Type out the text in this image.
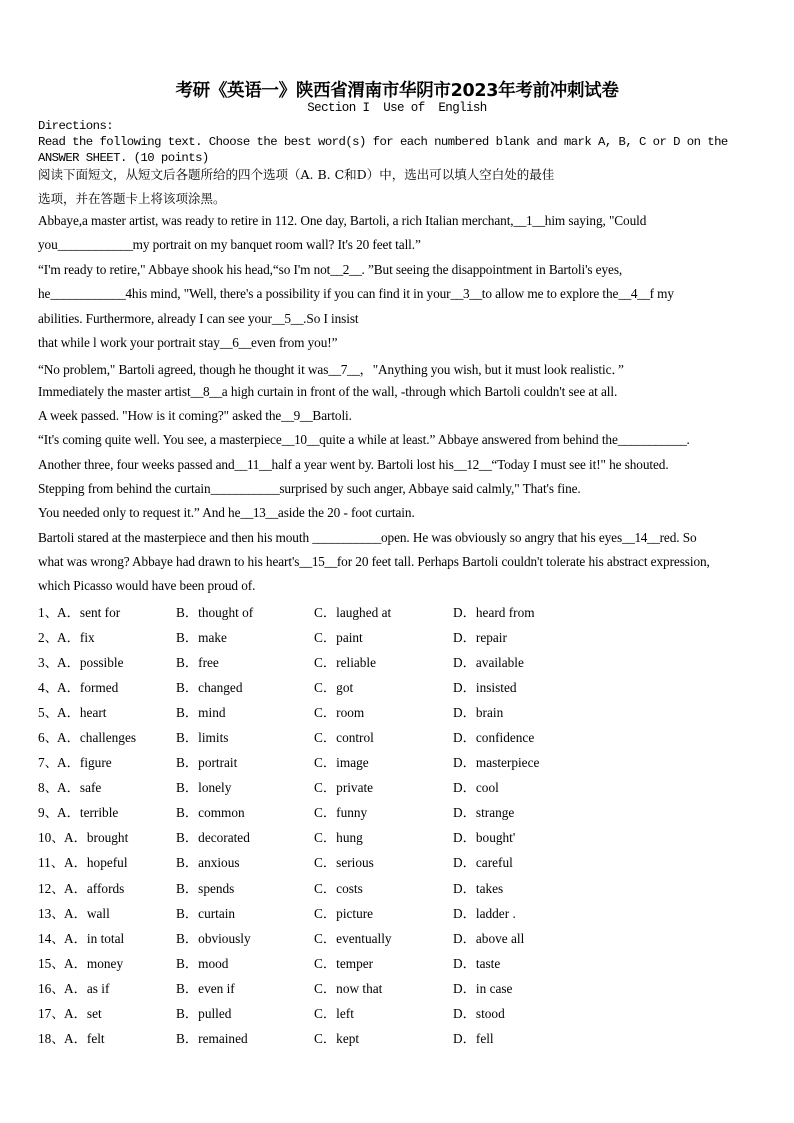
考研《英语一》陕西省渭南市华阴市2023年考前冲刺试卷
Section I  Use of  English
Directions:
Read the following text. Choose the best word(s) for each numbered blank and mark A, B, C or D on the
ANSWER SHEET. (10 points)
阅读下面短文，从短文后各题所给的四个选项（A. B. C和D）中，选出可以填人空白处的最佳
选项，并在答题卡上将该项涂黑。
Abbaye,a master artist, was ready to retire in 112. One day, Bartoli, a rich Italian merchant,__1__him saying, "Could
you____________my portrait on my banquet room wall? It's 20 feet tall.”
“I'm ready to retire," Abbaye shook his head,“so I'm not__2__. ”But seeing the disappointment in Bartoli's eyes,
he____________4his mind, "Well, there's a possibility if you can find it in your__3__to allow me to explore the__4__f my
abilities. Furthermore, already I can see your__5__.So I insist
that while l work your portrait stay__6__even from you!”
“No problem," Bartoli agreed, though he thought it was__7__，"Anything you wish, but it must look realistic．”
Immediately the master artist__8__a high curtain in front of the wall, -through which Bartoli couldn't see at all.
A week passed. "How is it coming?" asked the__9__Bartoli.
“It's coming quite well. You see, a masterpiece__10__quite a while at least.” Abbaye answered from behind the___________.
Another three, four weeks passed and__11__half a year went by. Bartoli lost his__12__“Today I must see it!" he shouted.
Stepping from behind the curtain___________surprised by such anger, Abbaye said calmly," That's fine.
You needed only to request it.” And he__13__aside the 20 - foot curtain.
Bartoli stared at the masterpiece and then his mouth ___________open. He was obviously so angry that his eyes__14__red. So
what was wrong? Abbaye had drawn to his heart's__15__for 20 feet tall. Perhaps Bartoli couldn't tolerate his abstract expression,
which Picasso would have been proud of.
1、 A．sent for	B．thought of	C．laughed at	D．heard from
2、 A．fix	B．make	C．paint	D．repair
3、 A．possible	B．free	C．reliable	D．available
4、 A．formed	B．changed	C．got	D．insisted
5、 A．heart	B．mind	C．room	D．brain
6、 A．challenges	B．limits	C．control	D．confidence
7、 A．figure	B．portrait	C．image	D．masterpiece
8、 A．safe	B．lonely	C．private	D．cool
9、 A．terrible	B．common	C．funny	D．strange
10、 A．brought	B．decorated	C．hung	D．bought'
11、 A．hopeful	B．anxious	C．serious	D．careful
12、 A．affords	B．spends	C．costs	D．takes
13、 A．wall	B．curtain	C．picture	D．ladder .
14、 A．in total	B．obviously	C．eventually	D．above all
15、 A．money	B．mood	C．temper	D．taste
16、 A．as if	B．even if	C．now that	D．in case
17、 A．set	B．pulled	C．left	D．stood
18、 A．felt	B．remained	C．kept	D．fell
